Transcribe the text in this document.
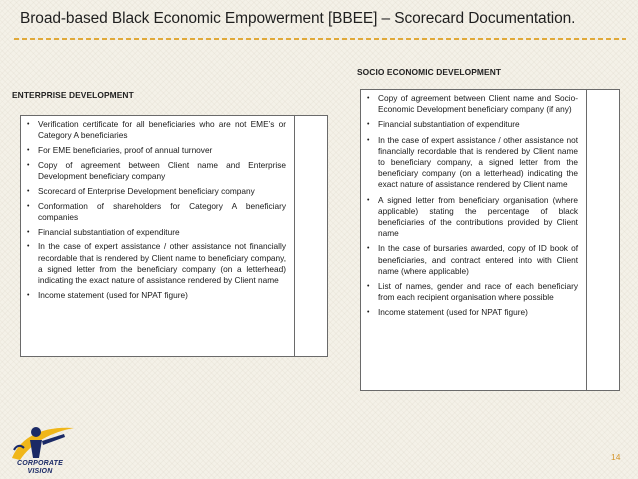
Broad-based Black Economic Empowerment [BBEE] – Scorecard Documentation.
ENTERPRISE DEVELOPMENT
• Verification certificate for all beneficiaries who are not EME’s or Category A beneficiaries
• For EME beneficiaries, proof of annual turnover
• Copy of agreement between Client name and Enterprise Development beneficiary company
• Scorecard of Enterprise Development beneficiary company
• Conformation of shareholders for Category A beneficiary companies
• Financial substantiation of expenditure
• In the case of expert assistance / other assistance not financially recordable that is rendered by Client name to beneficiary company, a signed letter from the beneficiary company (on a letterhead) indicating the exact nature of assistance rendered by Client name
• Income statement (used for NPAT figure)

SOCIO ECONOMIC DEVELOPMENT
• Copy of agreement between Client name and Socio-Economic Development beneficiary company (if any)
• Financial substantiation of expenditure
• In the case of expert assistance / other assistance not financially recordable that is rendered by Client name to beneficiary company, a signed letter from the beneficiary company (on a letterhead) indicating the exact nature of assistance rendered by Client name
• A signed letter from beneficiary organisation (where applicable) stating the percentage of black beneficiaries of the contributions provided by Client name
• In the case of bursaries awarded, copy of ID book of beneficiaries, and contract entered into with Client name (where applicable)
• List of names, gender and race of each beneficiary from each recipient organisation where possible
• Income statement (used for NPAT figure)

CORPORATE
VISION
14
